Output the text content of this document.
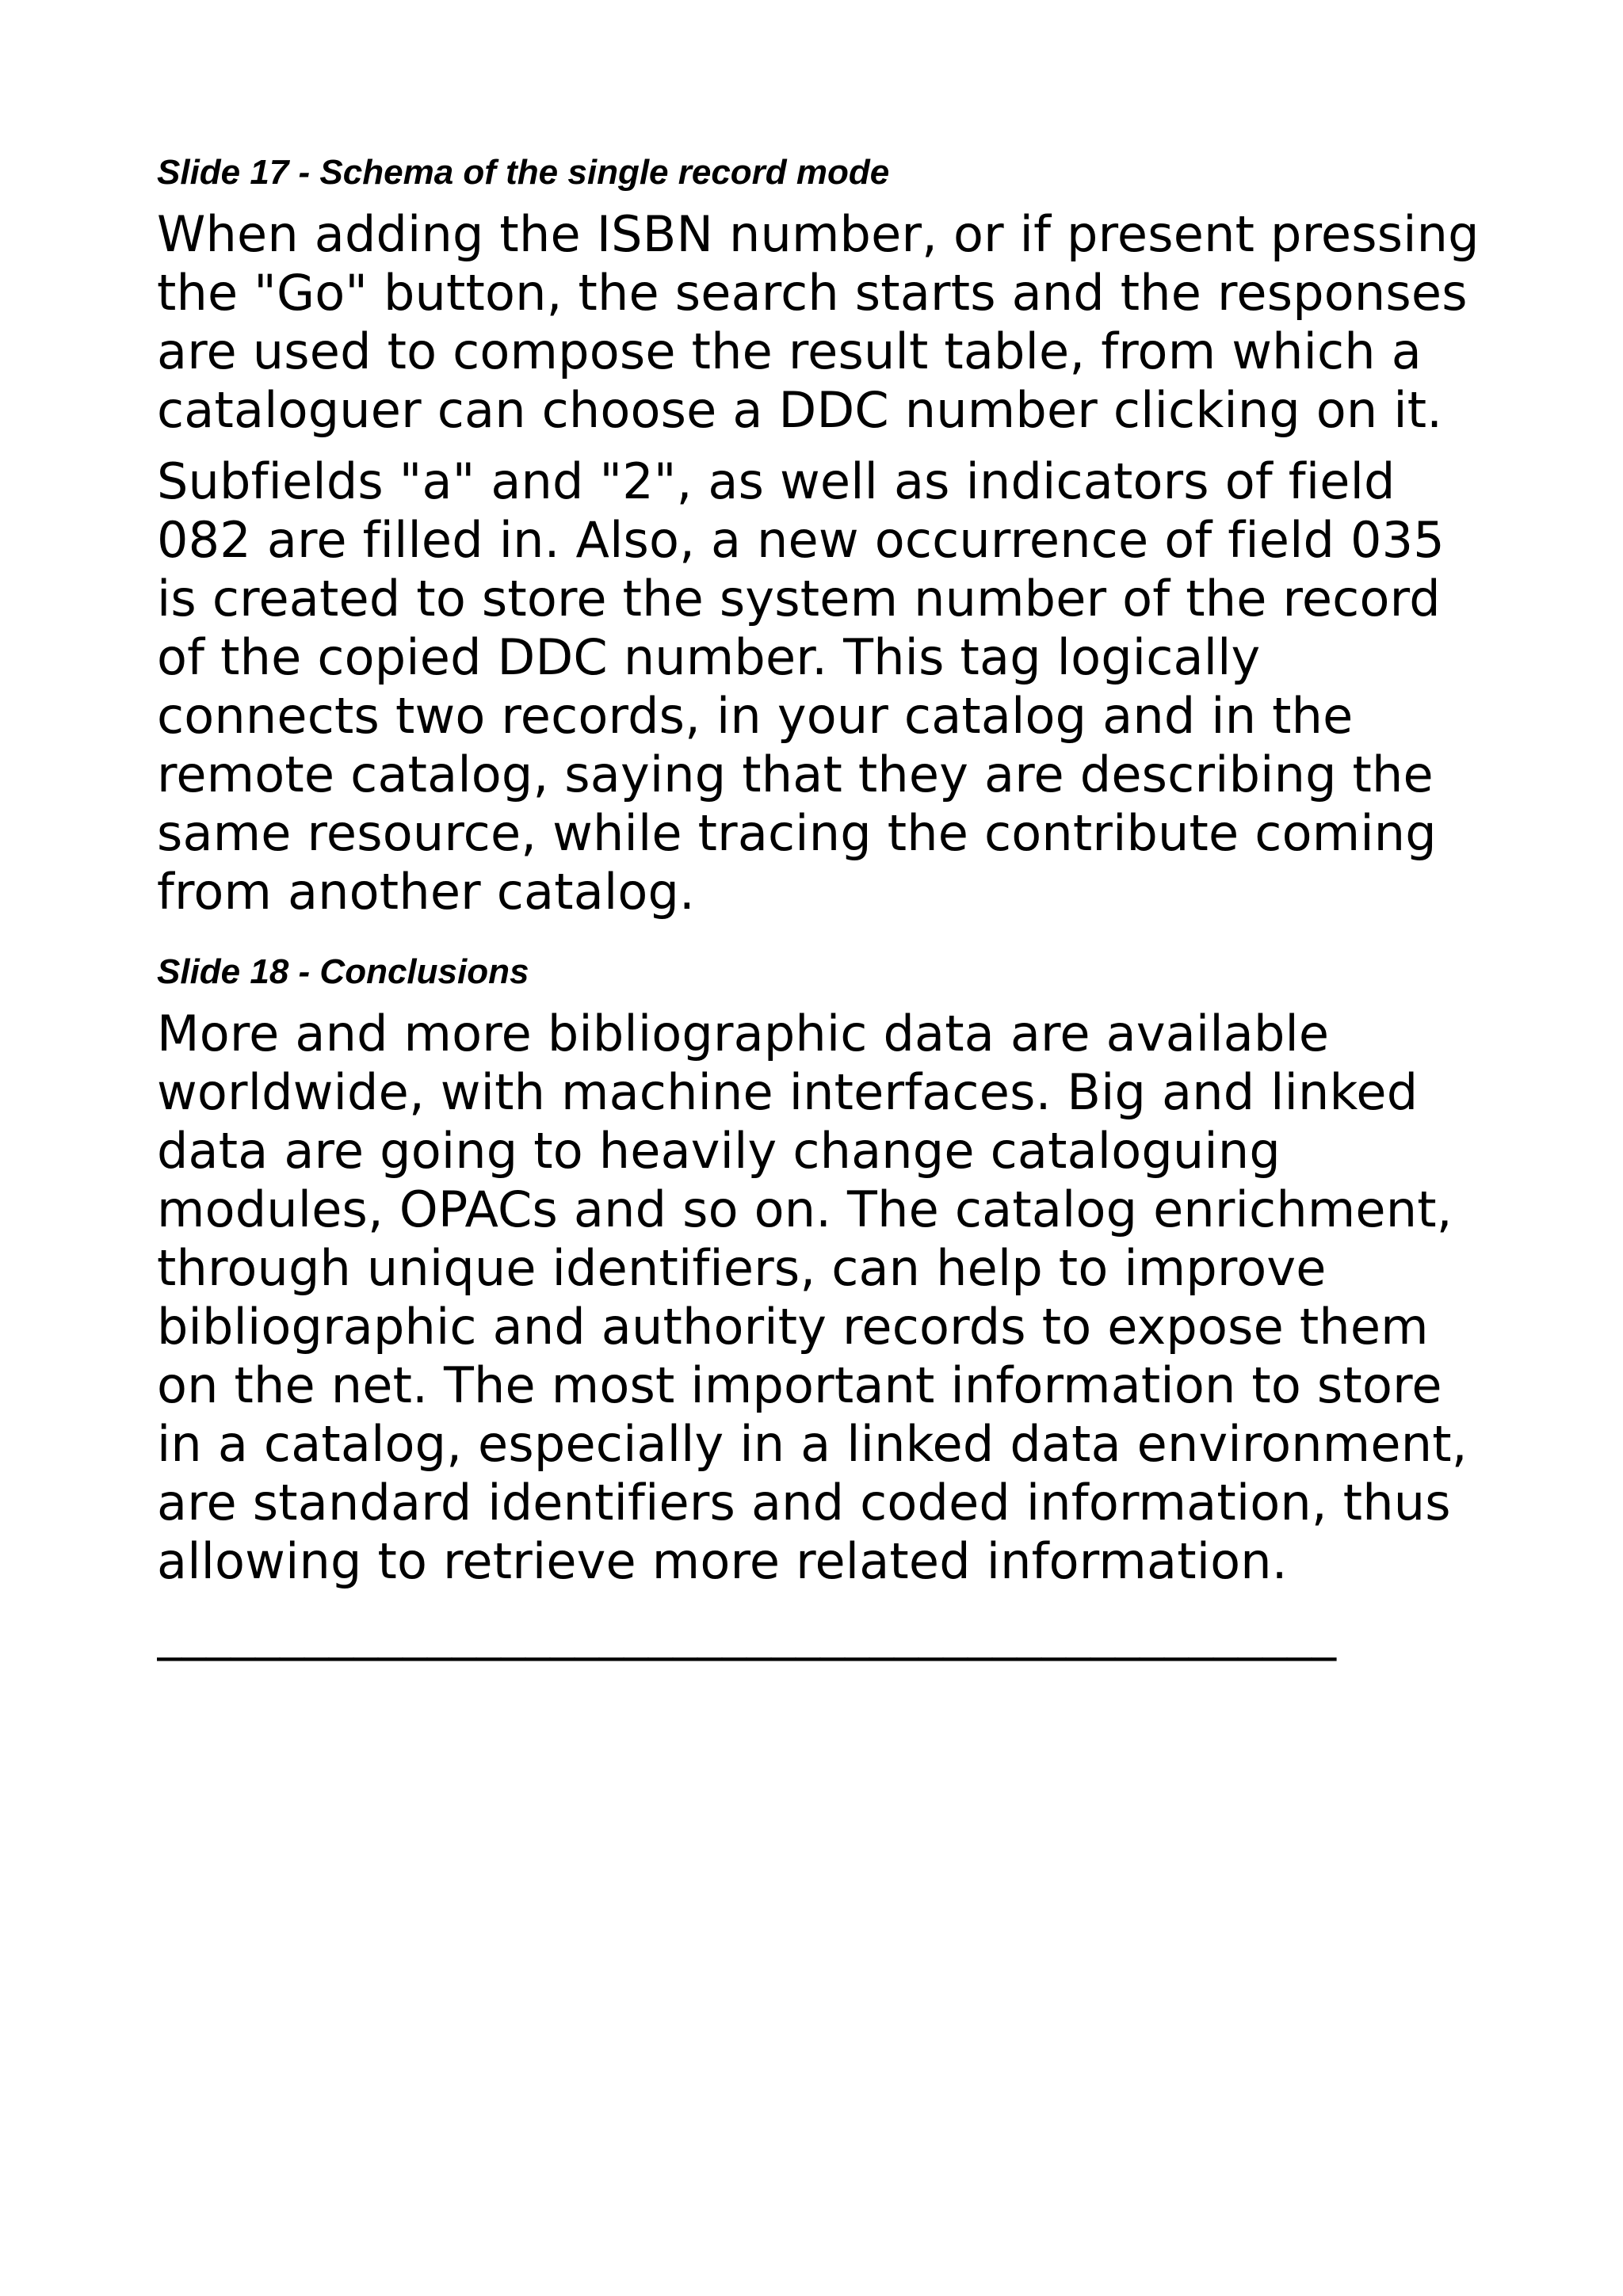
Slide 17 - Schema of the single record mode

When adding the ISBN number, or if present pressing the "Go" button, the search starts and the responses are used to compose the result table, from which a cataloguer can choose a DDC number clicking on it.

Subfields "a" and "2", as well as indicators of field 082 are filled in. Also, a new occurrence of field 035 is created to store the system number of the record of the copied DDC number. This tag logically connects two records, in your catalog and in the remote catalog, saying that they are describing the same resource, while tracing the contribute coming from another catalog.

Slide 18 - Conclusions

More and more bibliographic data are available worldwide, with machine interfaces. Big and linked data are going to heavily change cataloguing modules, OPACs and so on. The catalog enrichment, through unique identifiers, can help to improve bibliographic and authority records to expose them on the net. The most important information to store in a catalog, especially in a linked data environment, are standard identifiers and coded information, thus allowing to retrieve more related information.

________________________________________________
